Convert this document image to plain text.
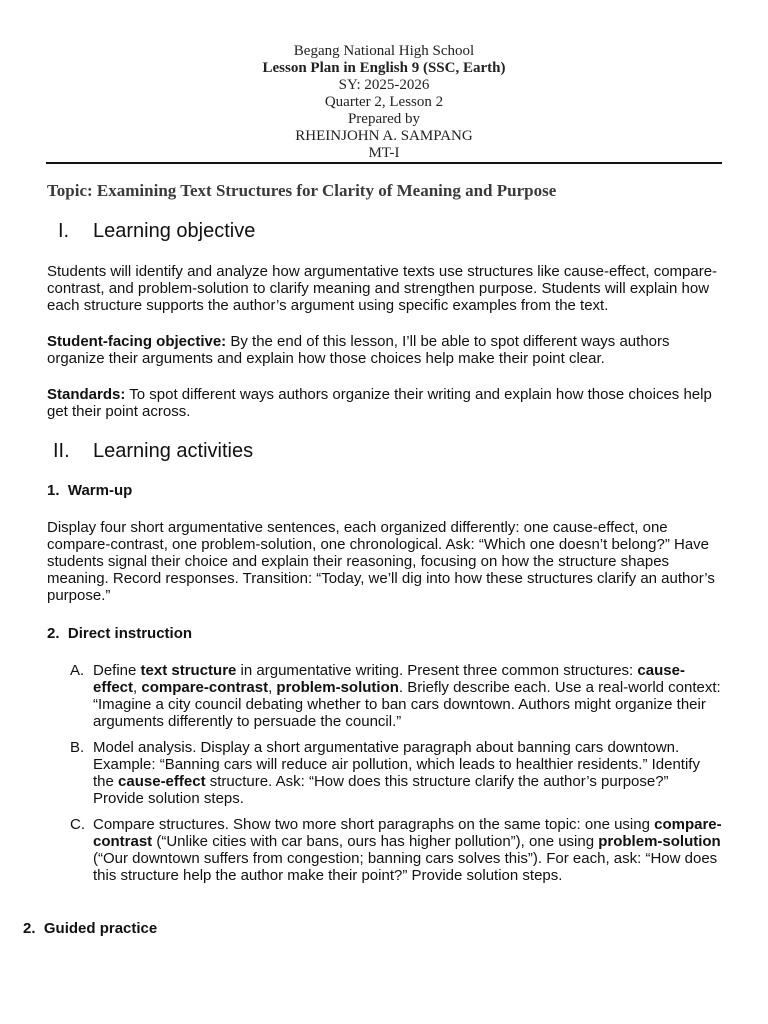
Begang National High School
Lesson Plan in English 9 (SSC, Earth)
SY: 2025-2026
Quarter 2, Lesson 2
Prepared by
RHEINJOHN A. SAMPANG
MT-I
Topic: Examining Text Structures for Clarity of Meaning and Purpose
I. Learning objective
Students will identify and analyze how argumentative texts use structures like cause-effect, compare-contrast, and problem-solution to clarify meaning and strengthen purpose. Students will explain how each structure supports the author’s argument using specific examples from the text.
Student-facing objective: By the end of this lesson, I’ll be able to spot different ways authors organize their arguments and explain how those choices help make their point clear.
Standards: To spot different ways authors organize their writing and explain how those choices help get their point across.
II. Learning activities
1. Warm-up
Display four short argumentative sentences, each organized differently: one cause-effect, one compare-contrast, one problem-solution, one chronological. Ask: “Which one doesn’t belong?” Have students signal their choice and explain their reasoning, focusing on how the structure shapes meaning. Record responses. Transition: “Today, we’ll dig into how these structures clarify an author’s purpose.”
2. Direct instruction
A. Define text structure in argumentative writing. Present three common structures: cause-effect, compare-contrast, problem-solution. Briefly describe each. Use a real-world context: “Imagine a city council debating whether to ban cars downtown. Authors might organize their arguments differently to persuade the council.”
B. Model analysis. Display a short argumentative paragraph about banning cars downtown. Example: “Banning cars will reduce air pollution, which leads to healthier residents.” Identify the cause-effect structure. Ask: “How does this structure clarify the author’s purpose?” Provide solution steps.
C. Compare structures. Show two more short paragraphs on the same topic: one using compare-contrast (“Unlike cities with car bans, ours has higher pollution”), one using problem-solution (“Our downtown suffers from congestion; banning cars solves this”). For each, ask: “How does this structure help the author make their point?” Provide solution steps.
2. Guided practice
